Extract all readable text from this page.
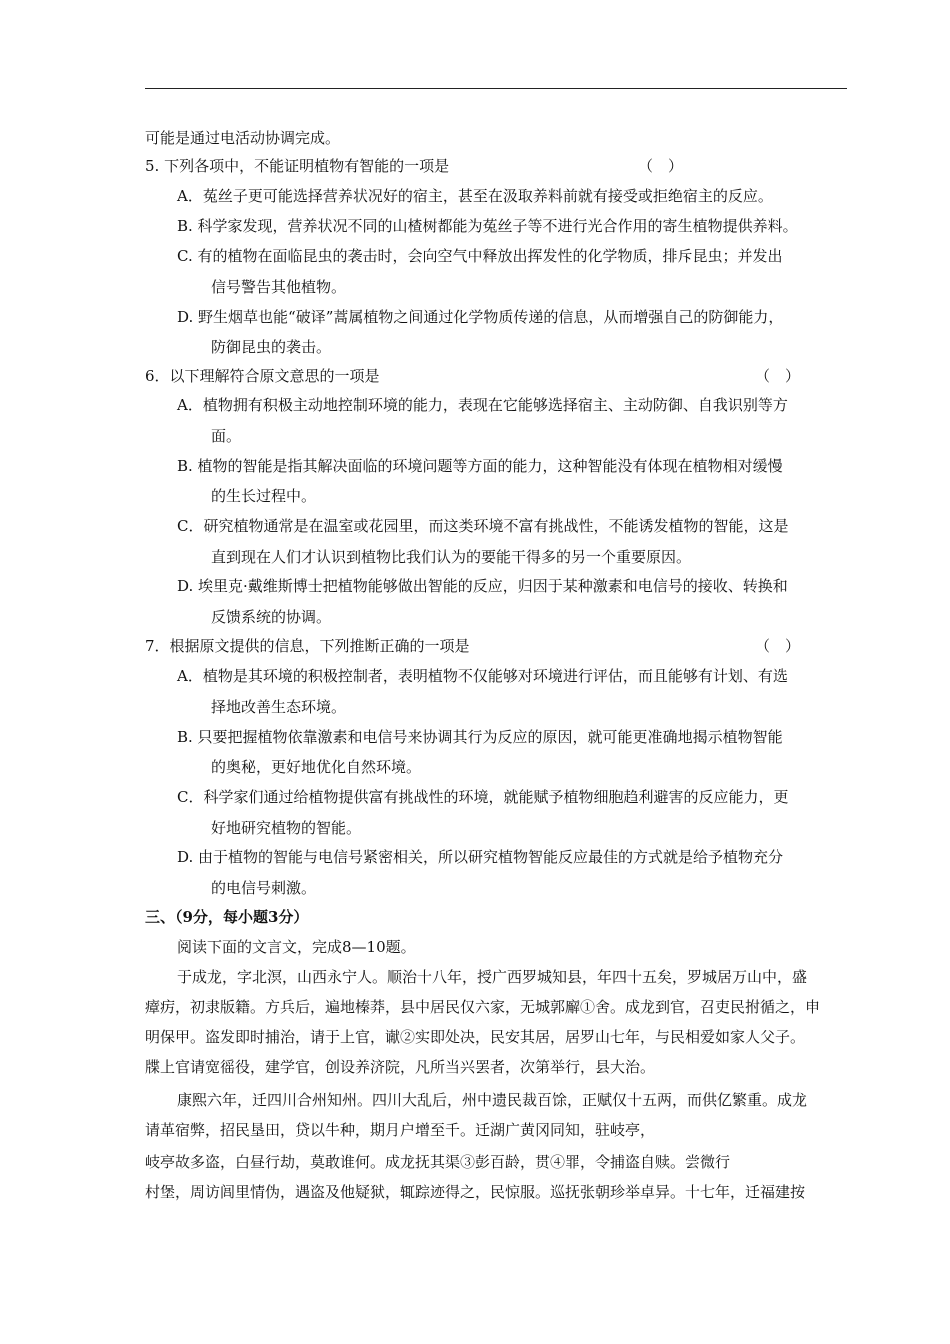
可能是通过电活动协调完成。
5. 下列各项中，不能证明植物有智能的一项是	（　）
A．菟丝子更可能选择营养状况好的宿主，甚至在汲取养料前就有接受或拒绝宿主的反应。
B. 科学家发现，营养状况不同的山楂树都能为菟丝子等不进行光合作用的寄生植物提供养料。
C. 有的植物在面临昆虫的袭击时，会向空气中释放出挥发性的化学物质，排斥昆虫；并发出
信号警告其他植物。
D. 野生烟草也能“破译”蒿属植物之间通过化学物质传递的信息，从而增强自己的防御能力，
防御昆虫的袭击。
6．以下理解符合原文意思的一项是	（　）
A．植物拥有积极主动地控制环境的能力，表现在它能够选择宿主、主动防御、自我识别等方
面。
B. 植物的智能是指其解决面临的环境问题等方面的能力，这种智能没有体现在植物相对缓慢
的生长过程中。
C．研究植物通常是在温室或花园里，而这类环境不富有挑战性，不能诱发植物的智能，这是
直到现在人们才认识到植物比我们认为的要能干得多的另一个重要原因。
D. 埃里克·戴维斯博士把植物能够做出智能的反应，归因于某种激素和电信号的接收、转换和
反馈系统的协调。
7．根据原文提供的信息，下列推断正确的一项是	（　）
A．植物是其环境的积极控制者，表明植物不仅能够对环境进行评估，而且能够有计划、有选
择地改善生态环境。
B. 只要把握植物依靠激素和电信号来协调其行为反应的原因，就可能更准确地揭示植物智能
的奥秘，更好地优化自然环境。
C．科学家们通过给植物提供富有挑战性的环境，就能赋予植物细胞趋利避害的反应能力，更
好地研究植物的智能。
D. 由于植物的智能与电信号紧密相关，所以研究植物智能反应最佳的方式就是给予植物充分
的电信号刺激。
三、（9分，每小题3分）
阅读下面的文言文，完成8—10题。
于成龙，字北溟，山西永宁人。顺治十八年，授广西罗城知县，年四十五矣，罗城居万山中，盛
瘴疠，初隶版籍。方兵后，遍地榛莽，县中居民仅六家，无城郭廨①舍。成龙到官，召吏民拊循之，申
明保甲。盗发即时捕治，请于上官，谳②实即处决，民安其居，居罗山七年，与民相爱如家人父子。
牒上官请宽徭役，建学官，创设养济院，凡所当兴罢者，次第举行，县大治。
康熙六年，迁四川合州知州。四川大乱后，州中遗民裁百馀，正赋仅十五两，而供亿繁重。成龙
请革宿弊，招民垦田，贷以牛种，期月户增至千。迁湖广黄冈同知，驻岐亭，
岐亭故多盗，白昼行劫，莫敢谁何。成龙抚其渠③彭百龄，贯④罪，令捕盗自赎。尝微行
村堡，周访闾里情伪，遇盗及他疑狱，辄踪迹得之，民惊服。巡抚张朝珍举卓异。十七年，迁福建按
